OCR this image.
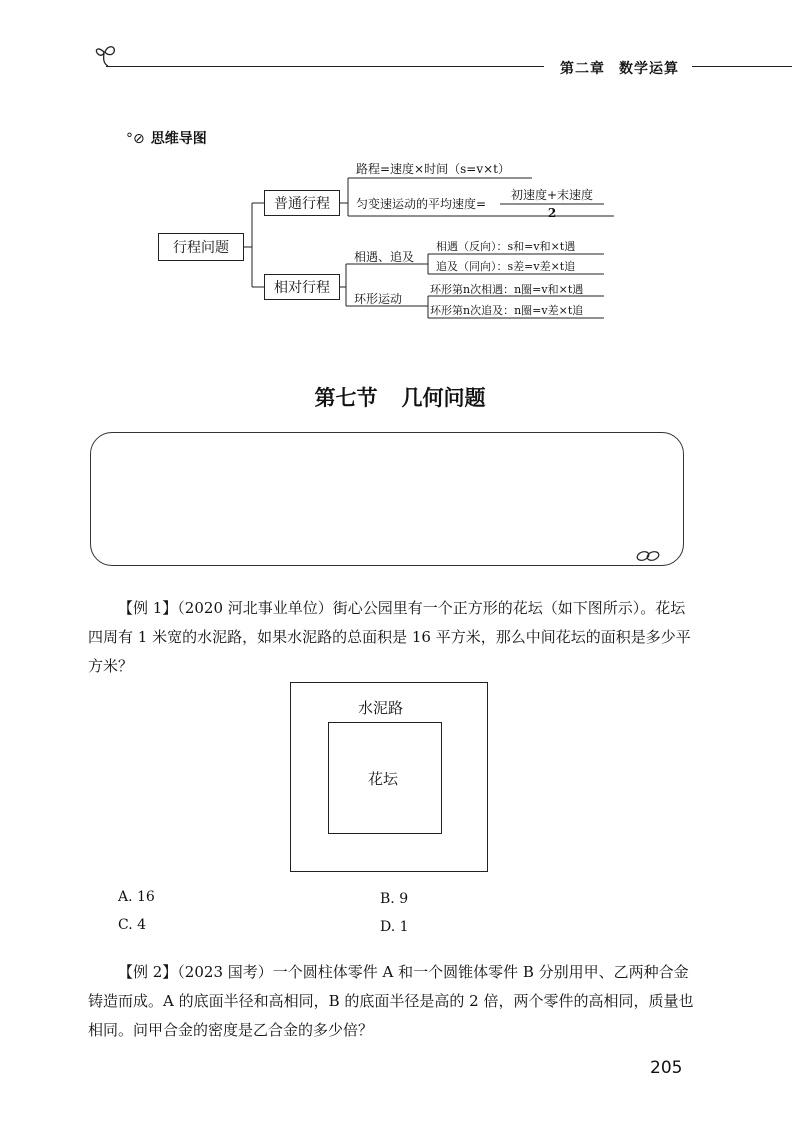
第二章 数学运算
°⊘ 思维导图
行程问题
普通行程
相对行程
路程=速度×时间（s=v×t）
匀变速运动的平均速度=
初速度+末速度
2
相遇、追及
环形运动
相遇（反向）：s和=v和×t遇
追及（同向）：s差=v差×t追
环形第n次相遇：n圈=v和×t遇
环形第n次追及：n圈=v差×t追
第七节 几何问题
【例 1】（2020 河北事业单位）街心公园里有一个正方形的花坛（如下图所示）。花坛四周有 1 米宽的水泥路，如果水泥路的总面积是 16 平方米，那么中间花坛的面积是多少平方米？
水泥路
花坛
A. 16	B. 9
C. 4	D. 1
【例 2】（2023 国考）一个圆柱体零件 A 和一个圆锥体零件 B 分别用甲、乙两种合金铸造而成。A 的底面半径和高相同，B 的底面半径是高的 2 倍，两个零件的高相同，质量也相同。问甲合金的密度是乙合金的多少倍？
205
